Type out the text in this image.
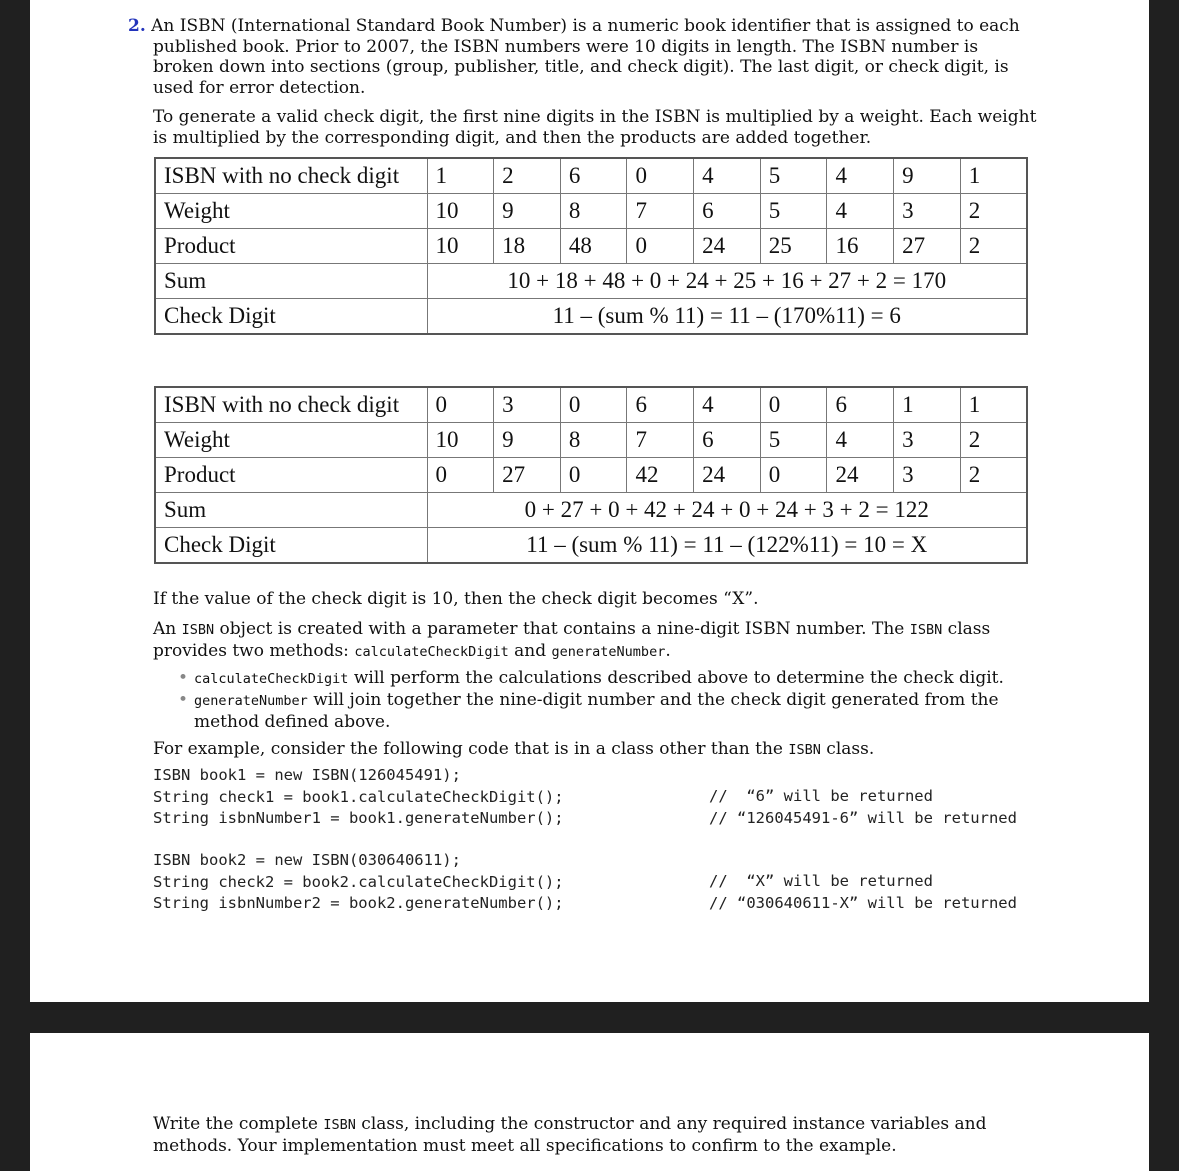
2. An ISBN (International Standard Book Number) is a numeric book identifier that is assigned to each
published book. Prior to 2007, the ISBN numbers were 10 digits in length. The ISBN number is
broken down into sections (group, publisher, title, and check digit). The last digit, or check digit, is
used for error detection.
To generate a valid check digit, the first nine digits in the ISBN is multiplied by a weight. Each weight
is multiplied by the corresponding digit, and then the products are added together.
ISBN with no check digit	1	2	6	0	4	5	4	9	1
Weight	10	9	8	7	6	5	4	3	2
Product	10	18	48	0	24	25	16	27	2
Sum	10 + 18 + 48 + 0 + 24 + 25 + 16 + 27 + 2 = 170								
Check Digit	11 – (sum % 11) = 11 – (170%11) = 6								
ISBN with no check digit	0	3	0	6	4	0	6	1	1
Weight	10	9	8	7	6	5	4	3	2
Product	0	27	0	42	24	0	24	3	2
Sum	0 + 27 + 0 + 42 + 24 + 0 + 24 + 3 + 2 = 122								
Check Digit	11 – (sum % 11) = 11 – (122%11) = 10 = X								
If the value of the check digit is 10, then the check digit becomes “X”.
An ISBN object is created with a parameter that contains a nine-digit ISBN number. The ISBN class
provides two methods: calculateCheckDigit and generateNumber.
• calculateCheckDigit will perform the calculations described above to determine the check digit.
• generateNumber will join together the nine-digit number and the check digit generated from the
method defined above.
For example, consider the following code that is in a class other than the ISBN class.
ISBN book1 = new ISBN(126045491);
String check1 = book1.calculateCheckDigit();
String isbnNumber1 = book1.generateNumber();
//  “6” will be returned
// “126045491-6” will be returned
ISBN book2 = new ISBN(030640611);
String check2 = book2.calculateCheckDigit();
String isbnNumber2 = book2.generateNumber();
//  “X” will be returned
// “030640611-X” will be returned
Write the complete ISBN class, including the constructor and any required instance variables and
methods. Your implementation must meet all specifications to confirm to the example.
